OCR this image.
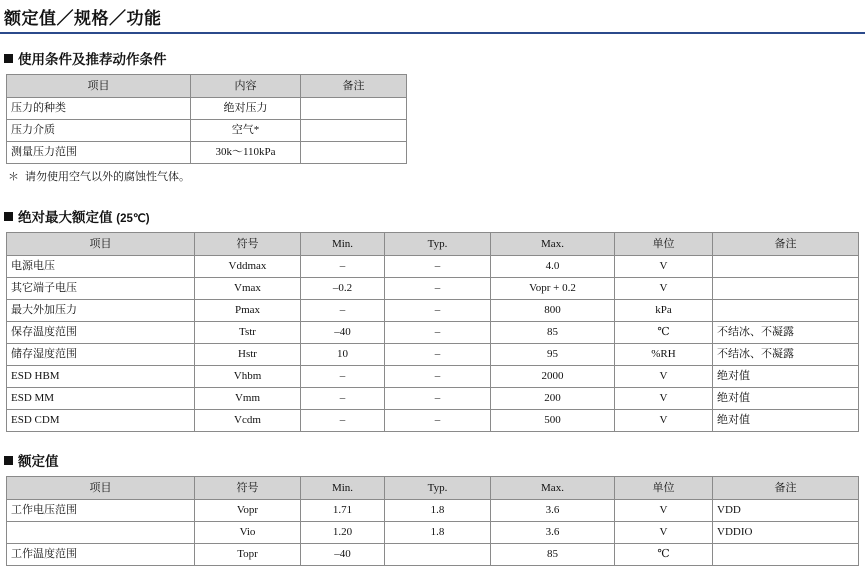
额定值／规格／功能
使用条件及推荐动作条件
项目	内容	备注
压力的种类	绝对压力	
压力介质	空气*	
测量压力范围	30k～110kPa	
＊ 请勿使用空气以外的腐蚀性气体。
绝对最大额定值 (25℃)
项目	符号	Min.	Typ.	Max.	单位	备注
电源电压	Vddmax	–	–	4.0	V	
其它端子电压	Vmax	–0.2	–	Vopr + 0.2	V	
最大外加压力	Pmax	–	–	800	kPa	
保存温度范围	Tstr	–40	–	85	℃	不结冰、不凝露
储存湿度范围	Hstr	10	–	95	%RH	不结冰、不凝露
ESD HBM	Vhbm	–	–	2000	V	绝对值
ESD MM	Vmm	–	–	200	V	绝对值
ESD CDM	Vcdm	–	–	500	V	绝对值
额定值
项目	符号	Min.	Typ.	Max.	单位	备注
工作电压范围	Vopr	1.71	1.8	3.6	V	VDD
	Vio	1.20	1.8	3.6	V	VDDIO
工作温度范围	Topr	–40		85	℃	
